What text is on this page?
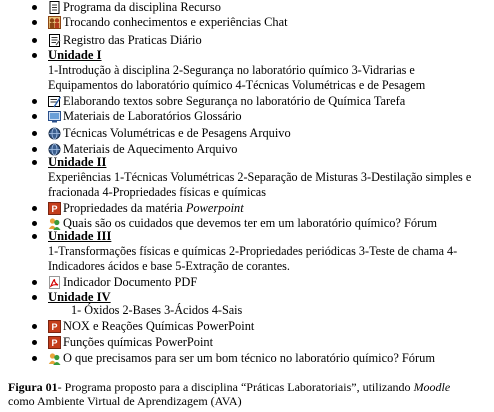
Programa da disciplina Recurso
Trocando conhecimentos e experiências Chat
Registro das Praticas Diário
Unidade I
1-Introdução à disciplina 2-Segurança no laboratório químico 3-Vidrarias e
Equipamentos do laboratório químico 4-Técnicas Volumétricas e de Pesagem
Elaborando textos sobre Segurança no laboratório de Química Tarefa
Materiais de Laboratórios Glossário
Técnicas Volumétricas e de Pesagens Arquivo
Materiais de Aquecimento Arquivo
Unidade II
Experiências 1-Técnicas Volumétricas 2-Separação de Misturas 3-Destilação simples e
fracionada 4-Propriedades físicas e químicas
P Propriedades da matéria Powerpoint
Quais são os cuidados que devemos ter em um laboratório químico? Fórum
Unidade III
1-Transformações físicas e químicas 2-Propriedades periódicas 3-Teste de chama 4-
Indicadores ácidos e base 5-Extração de corantes.
Indicador Documento PDF
Unidade IV
1- Óxidos 2-Bases 3-Ácidos 4-Sais
P NOX e Reações Químicas PowerPoint
P Funções químicas PowerPoint
O que precisamos para ser um bom técnico no laboratório químico? Fórum
Figura 01- Programa proposto para a disciplina “Práticas Laboratoriais”, utilizando Moodle
como Ambiente Virtual de Aprendizagem (AVA)
